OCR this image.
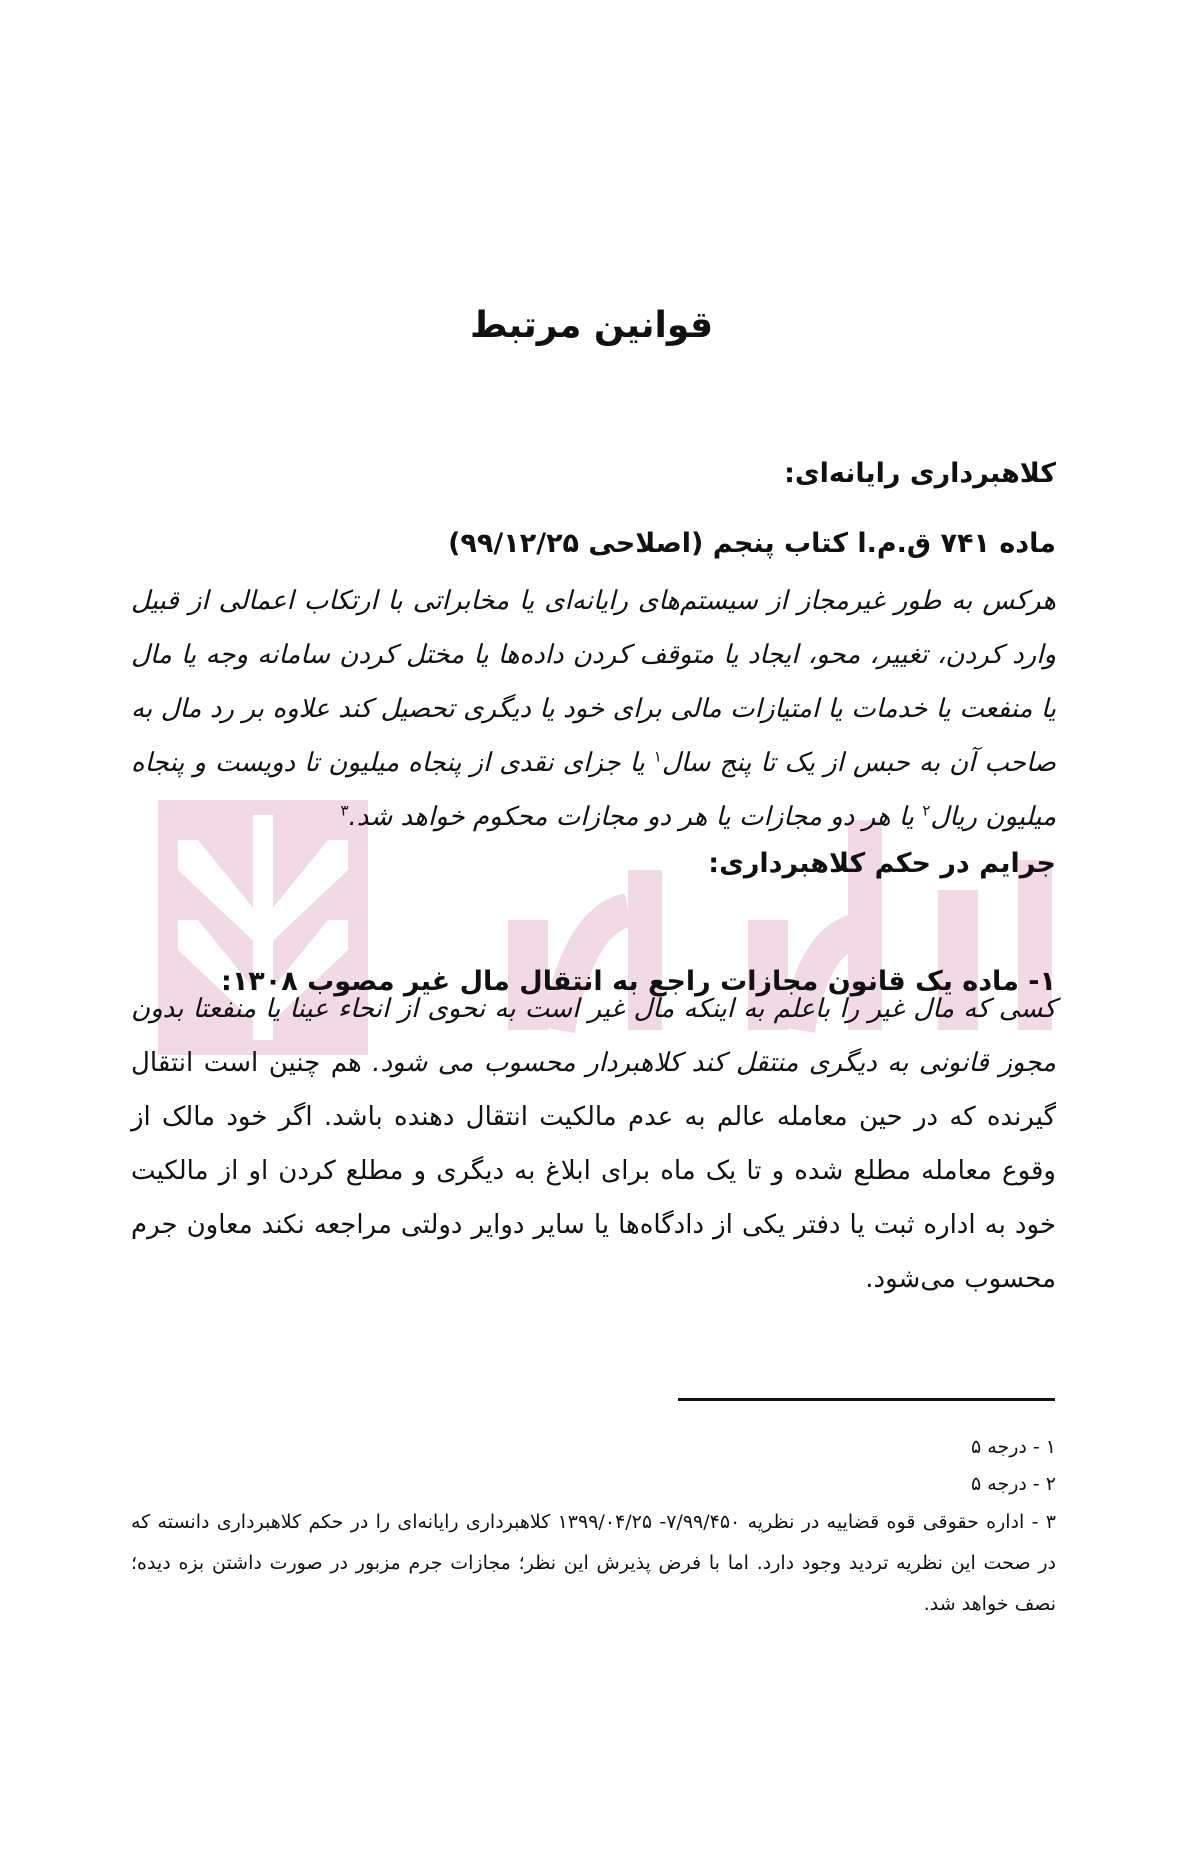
قوانین مرتبط
کلاهبرداری رایانه‌ای:
ماده ۷۴۱ ق.م.ا کتاب پنجم (اصلاحی ۹۹/۱۲/۲۵)
هرکس به طور غیرمجاز از سیستم‌های رایانه‌ای یا مخابراتی با ارتکاب اعمالی از قبیل وارد کردن، تغییر، محو، ایجاد یا متوقف کردن داده‌ها یا مختل کردن سامانه وجه یا مال یا منفعت یا خدمات یا امتیازات مالی برای خود یا دیگری تحصیل کند علاوه بر رد مال به صاحب آن به حبس از یک تا پنج سال$^۱$ یا جزای نقدی از پنجاه میلیون تا دویست و پنجاه میلیون ریال$^۲$ یا هر دو مجازات یا هر دو مجازات محکوم خواهد شد.$^۳$
جرایم در حکم کلاهبرداری:
۱- ماده یک قانون مجازات راجع به انتقال مال غیر مصوب ۱۳۰۸:
کسی که مال غیر را باعلم به اینکه مال غیر است به نحوی از انحاء عینا یا منفعتا بدون مجوز قانونی به دیگری منتقل کند کلاهبردار محسوب می شود. هم چنین است انتقال گیرنده که در حین معامله عالم به عدم مالکیت انتقال دهنده باشد. اگر خود مالک از وقوع معامله مطلع شده و تا یک ماه برای ابلاغ به دیگری و مطلع کردن او از مالکیت خود به اداره ثبت یا دفتر یکی از دادگاه‌ها یا سایر دوایر دولتی مراجعه نکند معاون جرم محسوب می‌شود.
۱ - درجه ۵
۲ - درجه ۵
۳ - اداره حقوقی قوه قضاییه در نظریه ۷/۹۹/۴۵۰- ۱۳۹۹/۰۴/۲۵ کلاهبرداری رایانه‌ای را در حکم کلاهبرداری دانسته که در صحت این نظریه تردید وجود دارد. اما با فرض پذیرش این نظر؛ مجازات جرم مزبور در صورت داشتن بزه دیده؛ نصف خواهد شد.
